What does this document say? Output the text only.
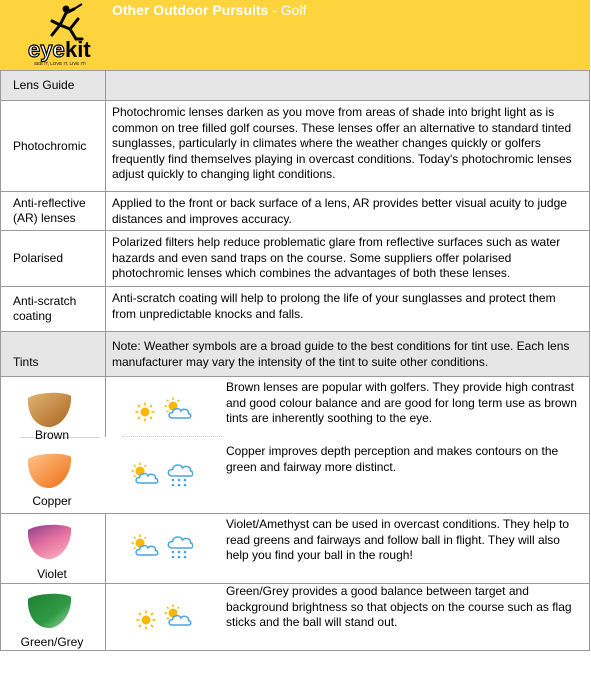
eye kit
SEE IT, LOVE IT, LIVE IT!
Other Outdoor Pursuits - Golf
Lens Guide
Photochromic
Photochromic lenses darken as you move from areas of shade into bright light as is common on tree filled golf courses. These lenses offer an alternative to standard tinted sunglasses, particularly in climates where the weather changes quickly or golfers frequently find themselves playing in overcast conditions. Today's photochromic lenses adjust quickly to changing light conditions.
Anti-reflective (AR) lenses
Applied to the front or back surface of a lens, AR provides better visual acuity to judge distances and improves accuracy.
Polarised
Polarized filters help reduce problematic glare from reflective surfaces such as water hazards and even sand traps on the course. Some suppliers offer polarised photochromic lenses which combines the advantages of both these lenses.
Anti-scratch coating
Anti-scratch coating will help to prolong the life of your sunglasses and protect them from unpredictable knocks and falls.
Tints
Note: Weather symbols are a broad guide to the best conditions for tint use. Each lens manufacturer may vary the intensity of the tint to suite other conditions.
Brown
Brown lenses are popular with golfers. They provide high contrast and good colour balance and are good for long term use as brown tints are inherently soothing to the eye.
Copper
Copper improves depth perception and makes contours on the green and fairway more distinct.
Violet
Violet/Amethyst can be used in overcast conditions. They help to read greens and fairways and follow ball in flight. They will also help you find your ball in the rough!
Green/Grey
Green/Grey provides a good balance between target and background brightness so that objects on the course such as flag sticks and the ball will stand out.
